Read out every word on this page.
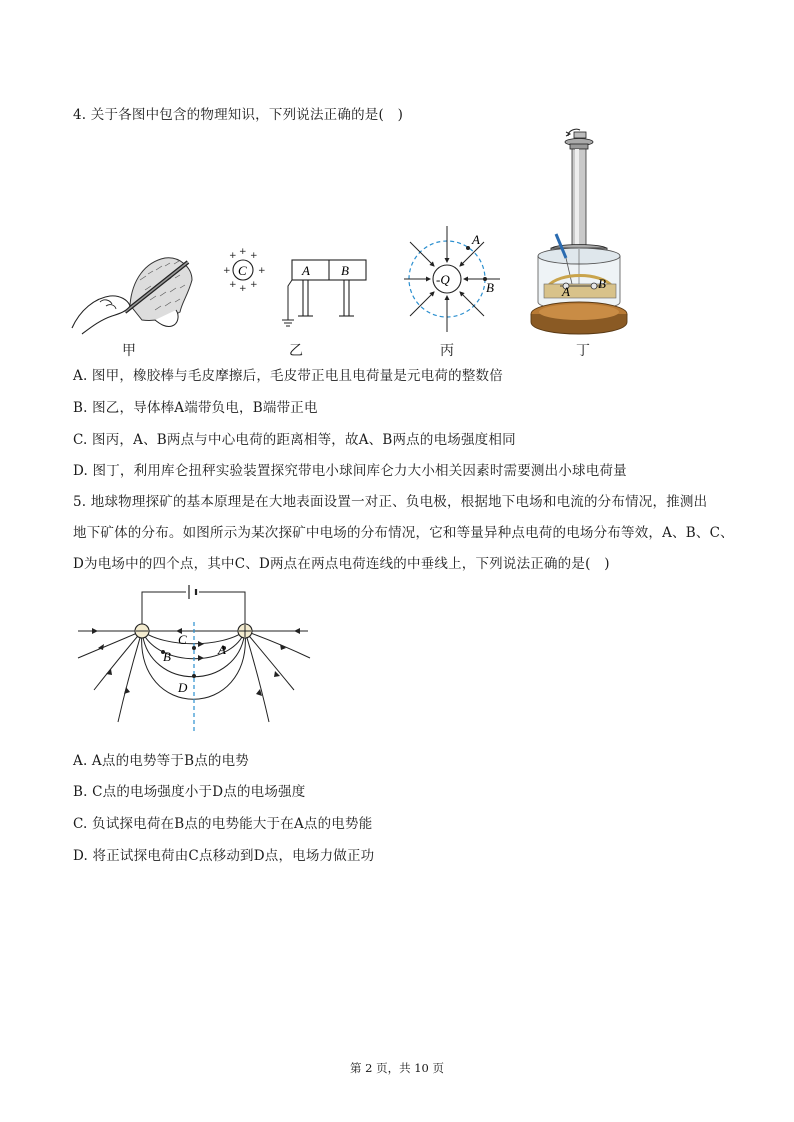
4. 关于各图中包含的物理知识，下列说法正确的是(　)
甲
C
+ + +
+	+
+ + +
A B
乙
-Q
A
B
丙
A
B
丁
A. 图甲，橡胶棒与毛皮摩擦后，毛皮带正电且电荷量是元电荷的整数倍
B. 图乙，导体棒A端带负电，B端带正电
C. 图丙，A、B两点与中心电荷的距离相等，故A、B两点的电场强度相同
D. 图丁，利用库仑扭秤实验装置探究带电小球间库仑力大小相关因素时需要测出小球电荷量
5. 地球物理探矿的基本原理是在大地表面设置一对正、负电极，根据地下电场和电流的分布情况，推测出
地下矿体的分布。如图所示为某次探矿中电场的分布情况，它和等量异种点电荷的电场分布等效，A、B、C、
D为电场中的四个点，其中C、D两点在两点电荷连线的中垂线上，下列说法正确的是(　)
C
B	A
D
A. A点的电势等于B点的电势
B. C点的电场强度小于D点的电场强度
C. 负试探电荷在B点的电势能大于在A点的电势能
D. 将正试探电荷由C点移动到D点，电场力做正功
第 2 页，共 10 页
